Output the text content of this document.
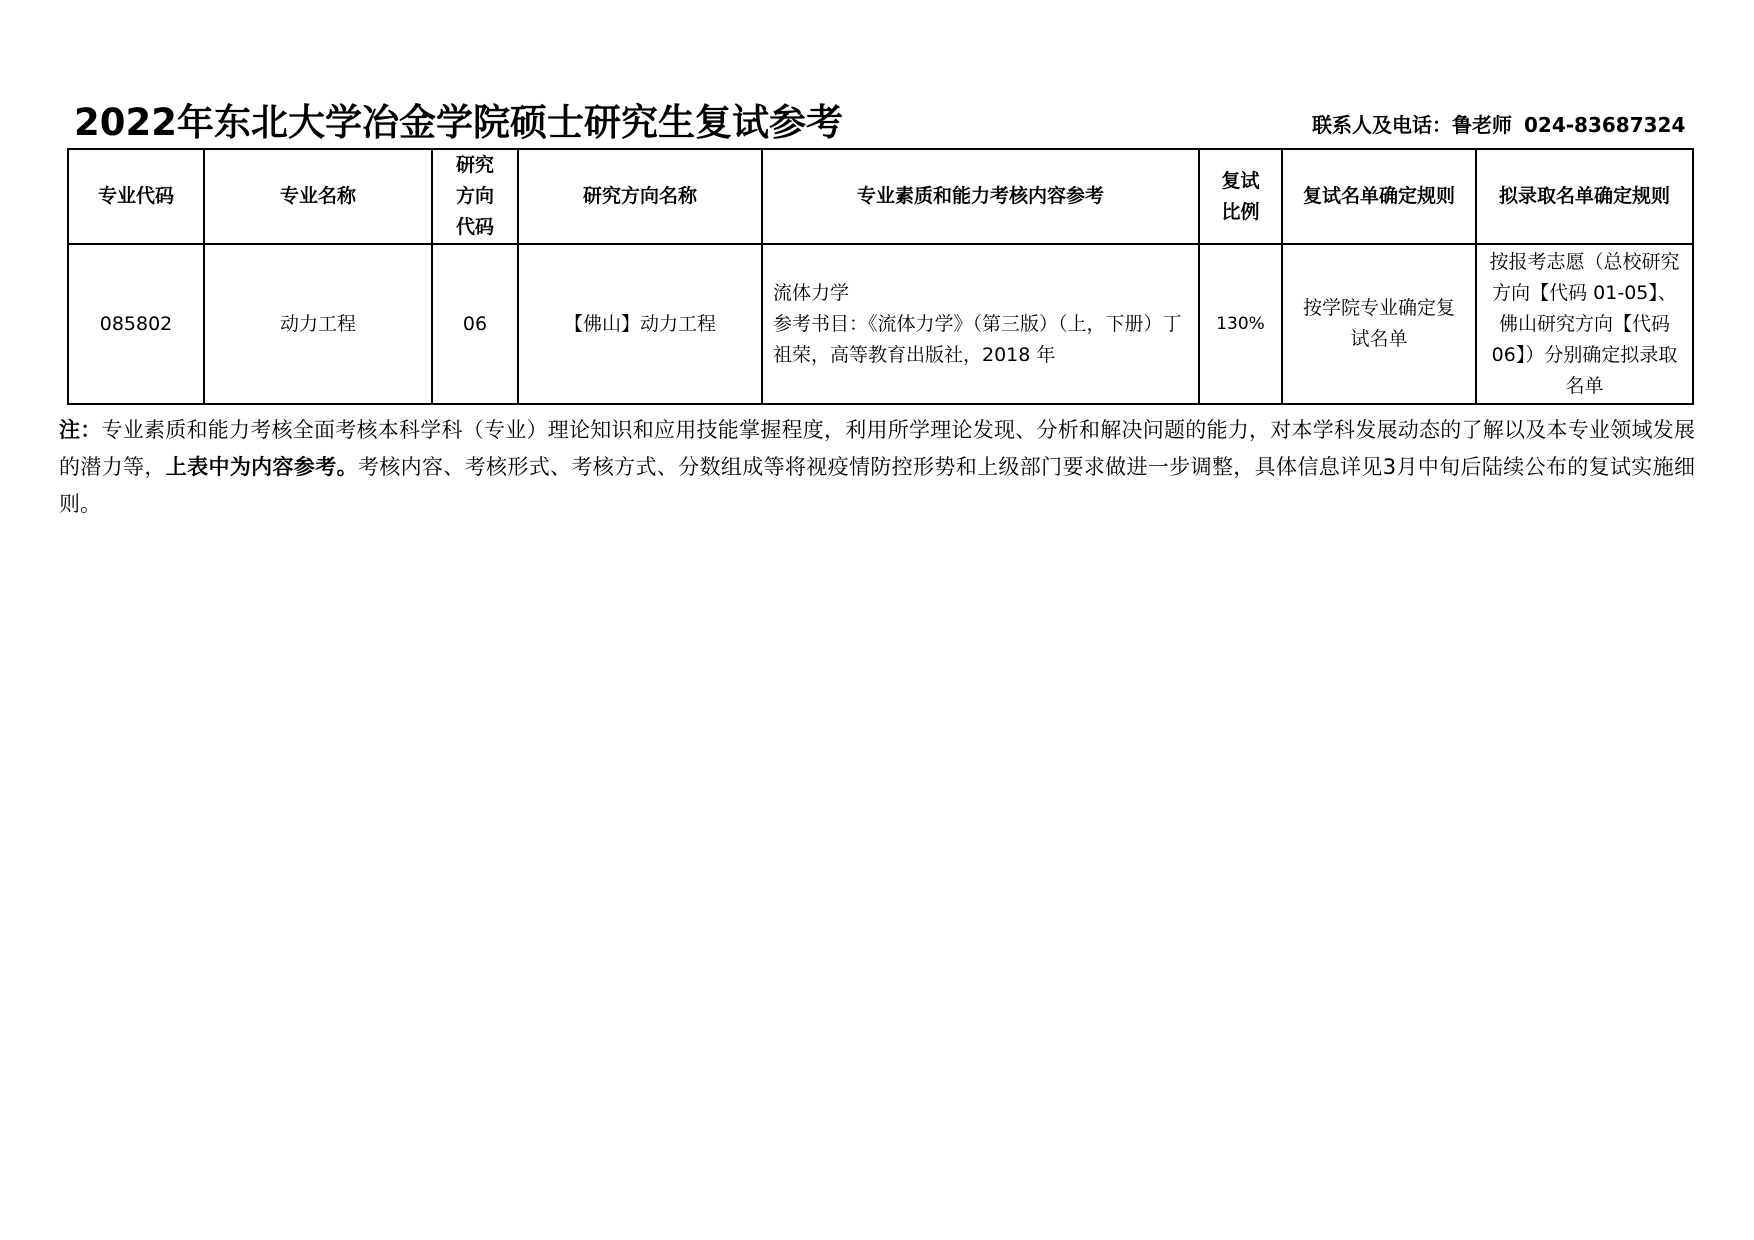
2022年东北大学冶金学院硕士研究生复试参考	联系人及电话：鲁老师 024-83687324
专业代码	专业名称	研究方向代码	研究方向名称	专业素质和能力考核内容参考	复试比例	复试名单确定规则	拟录取名单确定规则
085802	动力工程	06	【佛山】动力工程	流体力学
参考书目：《流体力学》（第三版）（上，下册）丁祖荣，高等教育出版社，2018 年	130%	按学院专业确定复试名单	按报考志愿（总校研究方向【代码 01-05】、佛山研究方向【代码 06】）分别确定拟录取名单
注：专业素质和能力考核全面考核本科学科（专业）理论知识和应用技能掌握程度，利用所学理论发现、分析和解决问题的能力，对本学科发展动态的了解以及本专业领域发展的潜力等，上表中为内容参考。考核内容、考核形式、考核方式、分数组成等将视疫情防控形势和上级部门要求做进一步调整，具体信息详见3月中旬后陆续公布的复试实施细则。
